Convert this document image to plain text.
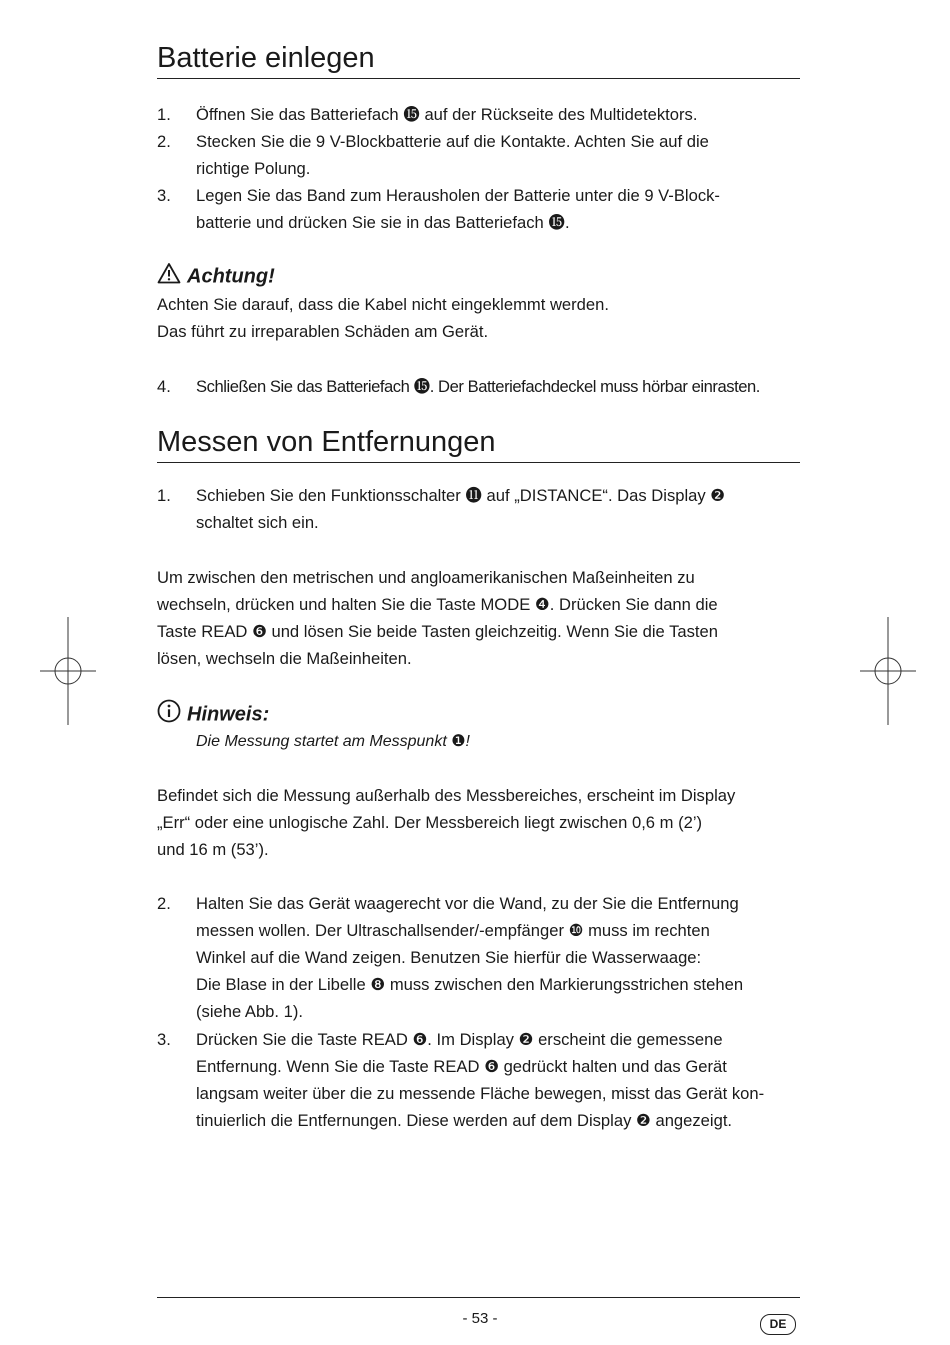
Batterie einlegen
1. Öffnen Sie das Batteriefach ⓯ auf der Rückseite des Multidetektors.
2. Stecken Sie die 9 V-Blockbatterie auf die Kontakte. Achten Sie auf die
richtige Polung.
3. Legen Sie das Band zum Herausholen der Batterie unter die 9 V-Block-
batterie und drücken Sie sie in das Batteriefach ⓯.
Achtung!
Achten Sie darauf, dass die Kabel nicht eingeklemmt werden.
Das führt zu irreparablen Schäden am Gerät.
4. Schließen Sie das Batteriefach ⓯. Der Batteriefachdeckel muss hörbar einrasten.
Messen von Entfernungen
1. Schieben Sie den Funktionsschalter ⓫ auf „DISTANCE“. Das Display ❷
schaltet sich ein.
Um zwischen den metrischen und angloamerikanischen Maßeinheiten zu
wechseln, drücken und halten Sie die Taste MODE ❹. Drücken Sie dann die
Taste READ ❻ und lösen Sie beide Tasten gleichzeitig. Wenn Sie die Tasten
lösen, wechseln die Maßeinheiten.
Hinweis:
Die Messung startet am Messpunkt ❶!
Befindet sich die Messung außerhalb des Messbereiches, erscheint im Display
„Err“ oder eine unlogische Zahl. Der Messbereich liegt zwischen 0,6 m (2’)
und 16 m (53’).
2. Halten Sie das Gerät waagerecht vor die Wand, zu der Sie die Entfernung
messen wollen. Der Ultraschallsender/-empfänger ❿ muss im rechten
Winkel auf die Wand zeigen. Benutzen Sie hierfür die Wasserwaage:
Die Blase in der Libelle ❽ muss zwischen den Markierungsstrichen stehen
(siehe Abb. 1).
3. Drücken Sie die Taste READ ❻. Im Display ❷ erscheint die gemessene
Entfernung. Wenn Sie die Taste READ ❻ gedrückt halten und das Gerät
langsam weiter über die zu messende Fläche bewegen, misst das Gerät kon-
tinuierlich die Entfernungen. Diese werden auf dem Display ❷ angezeigt.
- 53 -	DE
